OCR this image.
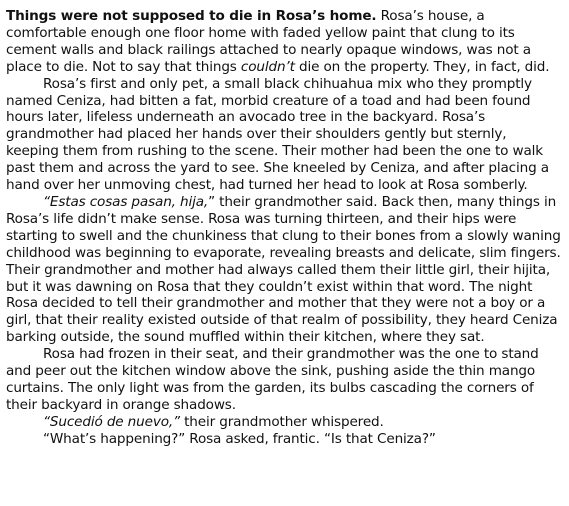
Things were not supposed to die in Rosa’s home. Rosa’s house, a comfortable enough one floor home with faded yellow paint that clung to its cement walls and black railings attached to nearly opaque windows, was not a place to die. Not to say that things couldn’t die on the property. They, in fact, did.

Rosa’s first and only pet, a small black chihuahua mix who they promptly named Ceniza, had bitten a fat, morbid creature of a toad and had been found hours later, lifeless underneath an avocado tree in the backyard. Rosa’s grandmother had placed her hands over their shoulders gently but sternly, keeping them from rushing to the scene. Their mother had been the one to walk past them and across the yard to see. She kneeled by Ceniza, and after placing a hand over her unmoving chest, had turned her head to look at Rosa somberly.

“Estas cosas pasan, hija,” their grandmother said. Back then, many things in Rosa’s life didn’t make sense. Rosa was turning thirteen, and their hips were starting to swell and the chunkiness that clung to their bones from a slowly waning childhood was beginning to evaporate, revealing breasts and delicate, slim fingers. Their grandmother and mother had always called them their little girl, their hijita, but it was dawning on Rosa that they couldn’t exist within that word. The night Rosa decided to tell their grandmother and mother that they were not a boy or a girl, that their reality existed outside of that realm of possibility, they heard Ceniza barking outside, the sound muffled within their kitchen, where they sat.

Rosa had frozen in their seat, and their grandmother was the one to stand and peer out the kitchen window above the sink, pushing aside the thin mango curtains. The only light was from the garden, its bulbs cascading the corners of their backyard in orange shadows.

“Sucedió de nuevo,” their grandmother whispered.

“What’s happening?” Rosa asked, frantic. “Is that Ceniza?”
